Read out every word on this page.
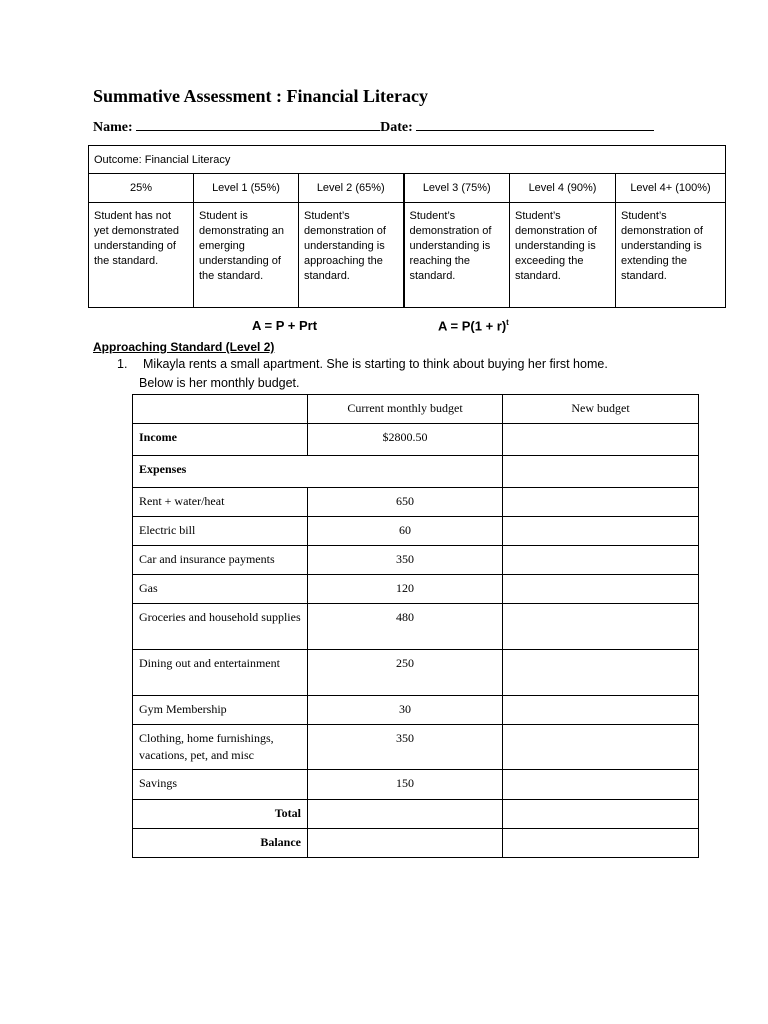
Summative Assessment : Financial Literacy
Name:	Date:
Outcome: Financial Literacy					
25%	Level 1 (55%)	Level 2 (65%)	Level 3 (75%)	Level 4 (90%)	Level 4+ (100%)
Student has not yet demonstrated understanding of the standard.	Student is demonstrating an emerging understanding of the standard.	Student’s demonstration of understanding is approaching the standard.	Student’s demonstration of understanding is reaching the standard.	Student’s demonstration of understanding is exceeding the standard.	Student’s demonstration of understanding is extending the standard.
A = P + Prt	$A = P(1 + r)^t$
Approaching Standard (Level 2)
1. Mikayla rents a small apartment. She is starting to think about buying her first home.
Below is her monthly budget.
	Current monthly budget	New budget
Income	$2800.50	
Expenses		
Rent + water/heat	650	
Electric bill	60	
Car and insurance payments	350	
Gas	120	
Groceries and household supplies	480	
Dining out and entertainment	250	
Gym Membership	30	
Clothing, home furnishings, vacations, pet, and misc	350	
Savings	150	
Total		
Balance		
